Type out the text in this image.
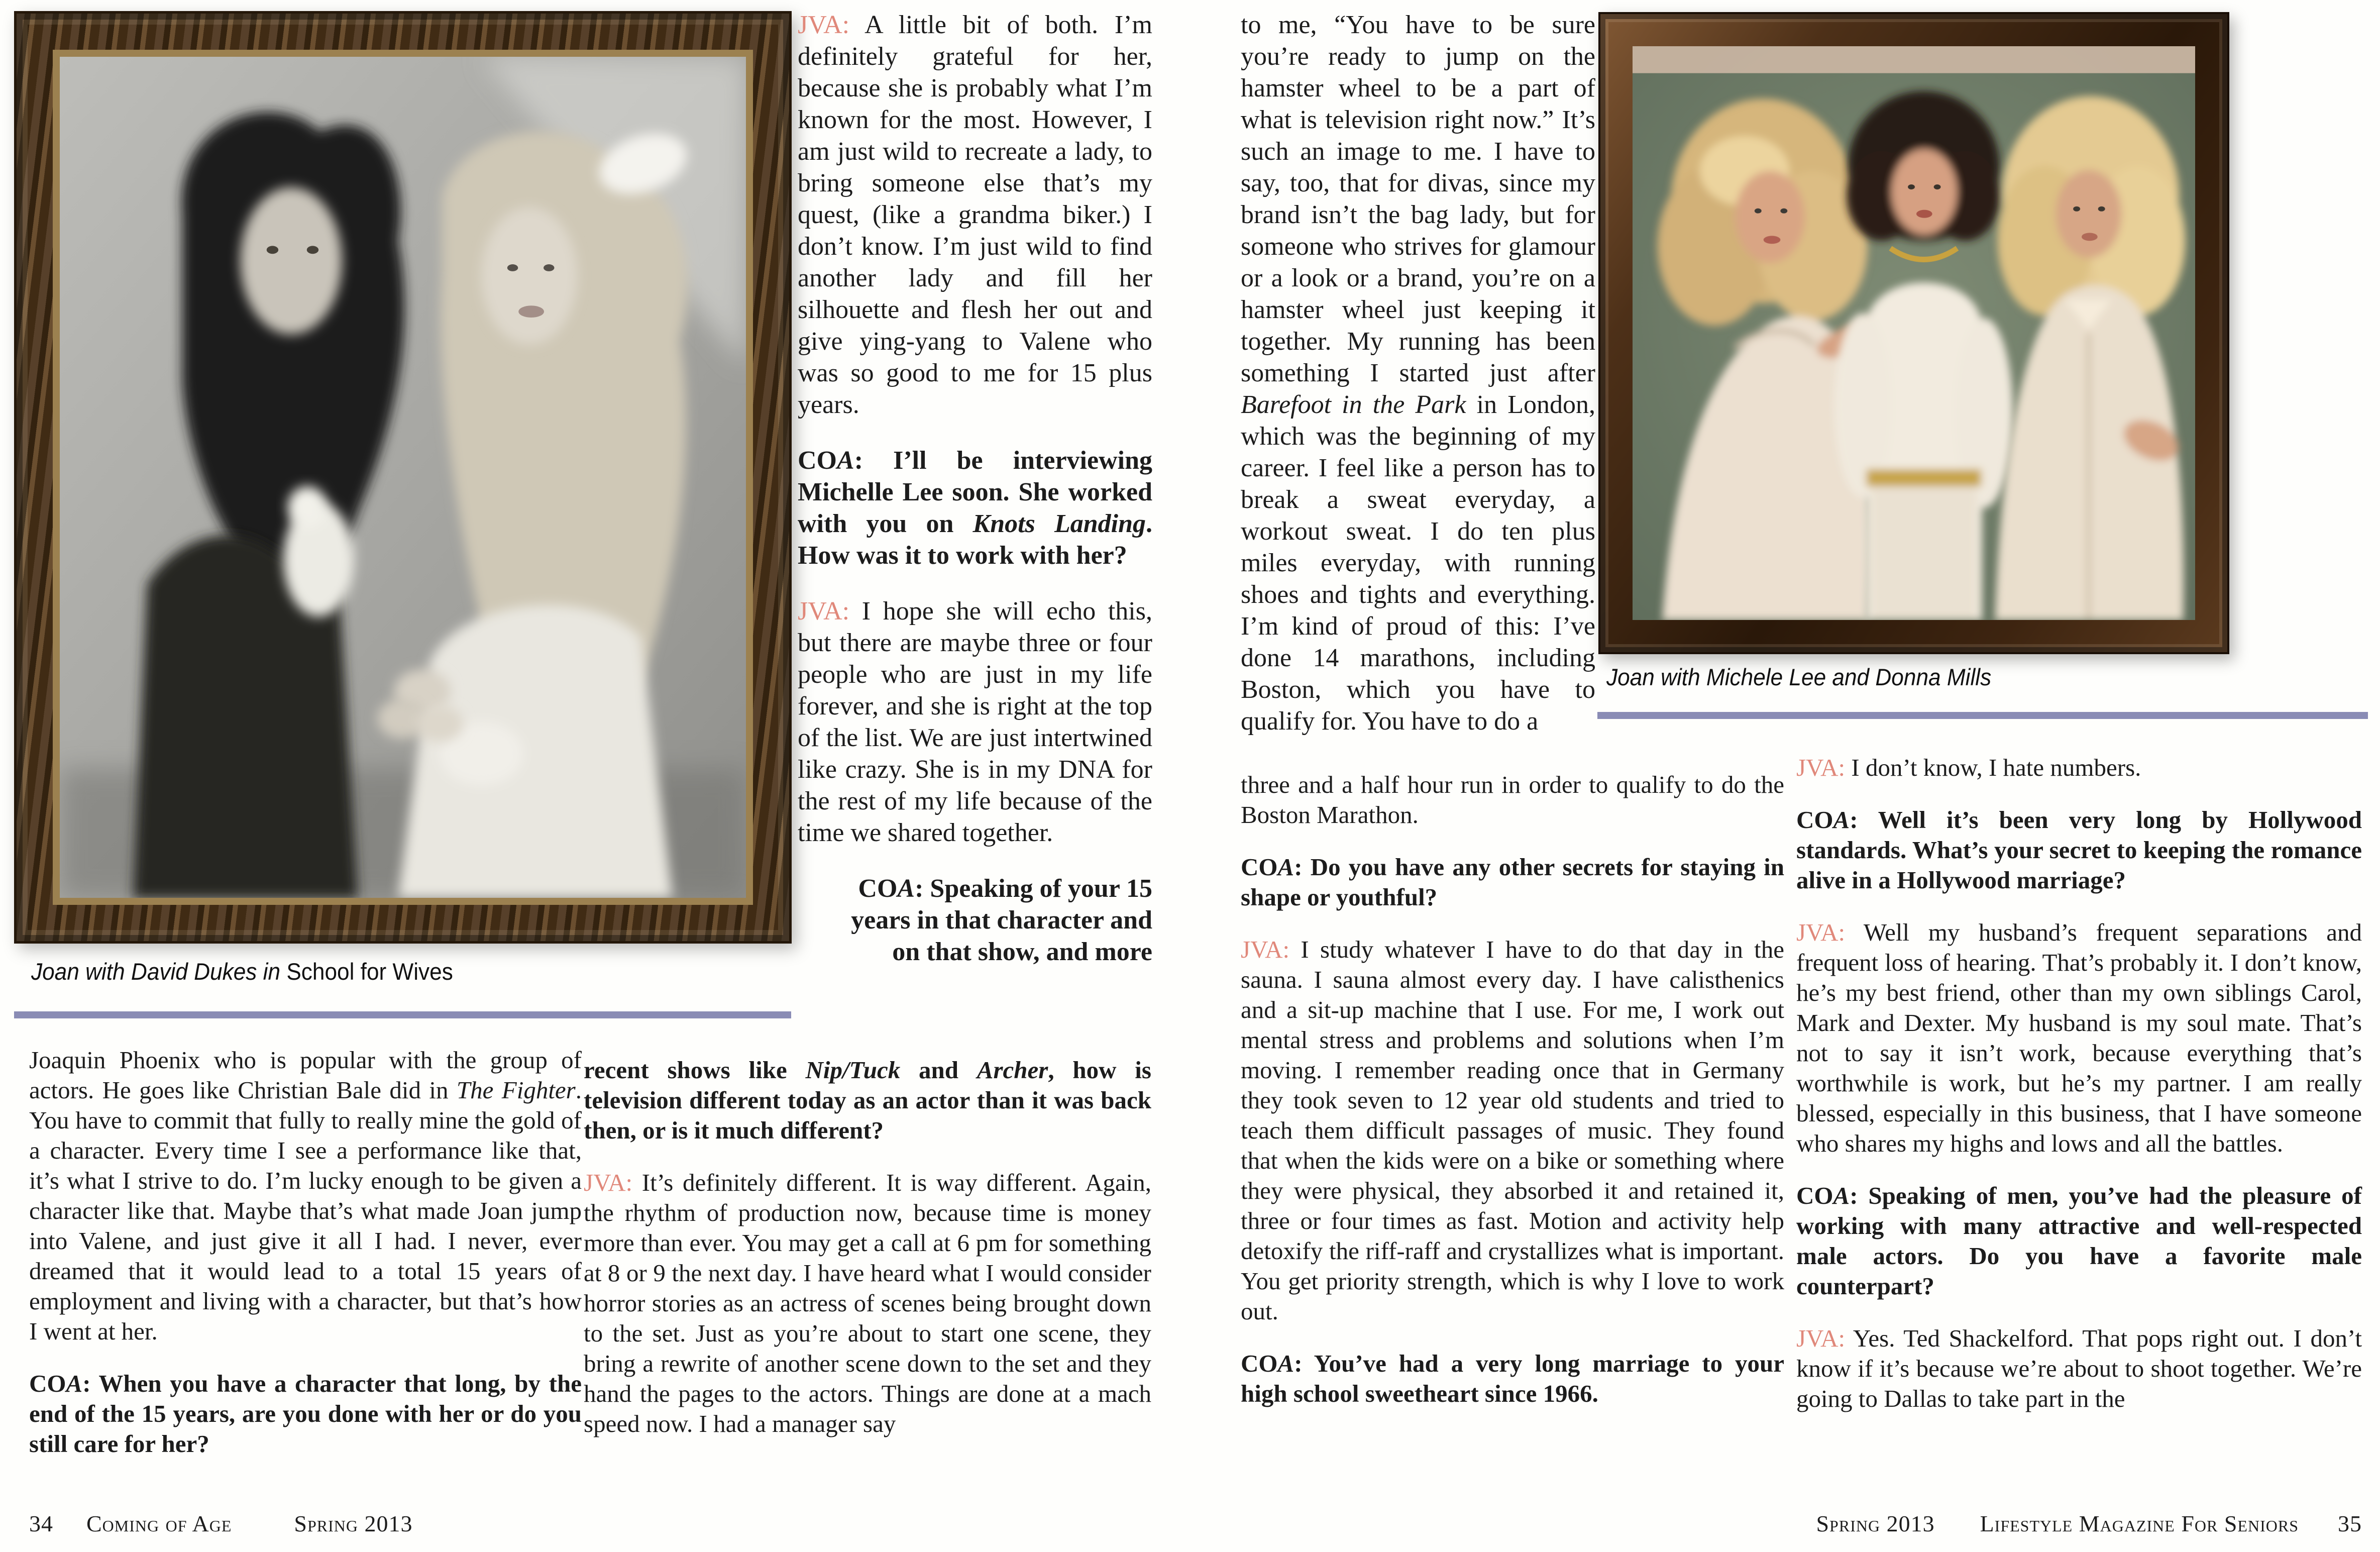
Joan with David Dukes in School for Wives

Joaquin Phoenix who is popular with the group of actors. He goes like Christian Bale did in The Fighter. You have to commit that fully to really mine the gold of a character. Every time I see a performance like that, it’s what I strive to do. I’m lucky enough to be given a character like that. Maybe that’s what made Joan jump into Valene, and just give it all I had. I never, ever dreamed that it would lead to a total 15 years of employment and living with a character, but that’s how I went at her.

COA: When you have a character that long, by the end of the 15 years, are you done with her or do you still care for her?

JVA: A little bit of both. I’m definitely grateful for her, because she is probably what I’m known for the most. However, I am just wild to recreate a lady, to bring someone else that’s my quest, (like a grandma biker.) I don’t know. I’m just wild to find another lady and fill her silhouette and flesh her out and give ying-yang to Valene who was so good to me for 15 plus years.

COA: I’ll be interviewing Michelle Lee soon. She worked with you on Knots Landing. How was it to work with her?

JVA: I hope she will echo this, but there are maybe three or four people who are just in my life forever, and she is right at the top of the list. We are just intertwined like crazy. She is in my DNA for the rest of my life because of the time we shared together.

COA: Speaking of your 15
years in that character and
on that show, and more

recent shows like Nip/Tuck and Archer, how is television different today as an actor than it was back then, or is it much different?

JVA: It’s definitely different. It is way different. Again, the rhythm of production now, because time is money more than ever. You may get a call at 6 pm for something at 8 or 9 the next day. I have heard what I would consider horror stories as an actress of scenes being brought down to the set. Just as you’re about to start one scene, they bring a rewrite of another scene down to the set and they hand the pages to the actors. Things are done at a mach speed now. I had a manager say

34 Coming of Age	Spring 2013
Joan with Michele Lee and Donna Mills

to me, “You have to be sure you’re ready to jump on the hamster wheel to be a part of what is television right now.” It’s such an image to me. I have to say, too, that for divas, since my brand isn’t the bag lady, but for someone who strives for glamour or a look or a brand, you’re on a hamster wheel just keeping it together. My running has been something I started just after Barefoot in the Park in London, which was the beginning of my career. I feel like a person has to break a sweat everyday, a workout sweat. I do ten plus miles everyday, with running shoes and tights and everything. I’m kind of proud of this: I’ve done 14 marathons, including Boston, which you have to qualify for. You have to do a

three and a half hour run in order to qualify to do the Boston Marathon.

COA: Do you have any other secrets for staying in shape or youthful?

JVA: I study whatever I have to do that day in the sauna. I sauna almost every day. I have calisthenics and a sit-up machine that I use. For me, I work out mental stress and problems and solutions when I’m moving. I remember reading once that in Germany they took seven to 12 year old students and tried to teach them difficult passages of music. They found that when the kids were on a bike or something where they were physical, they absorbed it and retained it, three or four times as fast. Motion and activity help detoxify the riff-raff and crystallizes what is important. You get priority strength, which is why I love to work out.

COA: You’ve had a very long marriage to your high school sweetheart since 1966.

JVA: I don’t know, I hate numbers.

COA: Well it’s been very long by Hollywood standards. What’s your secret to keeping the romance alive in a Hollywood marriage?

JVA: Well my husband’s frequent separations and frequent loss of hearing. That’s probably it. I don’t know, he’s my best friend, other than my own siblings Carol, Mark and Dexter. My husband is my soul mate. That’s not to say it isn’t work, because everything that’s worthwhile is work, but he’s my partner. I am really blessed, especially in this business, that I have someone who shares my highs and lows and all the battles.

COA: Speaking of men, you’ve had the pleasure of working with many attractive and well-respected male actors. Do you have a favorite male counterpart?

JVA: Yes. Ted Shackelford. That pops right out. I don’t know if it’s because we’re about to shoot together. We’re going to Dallas to take part in the

Spring 2013 Lifestyle Magazine For Seniors 35
